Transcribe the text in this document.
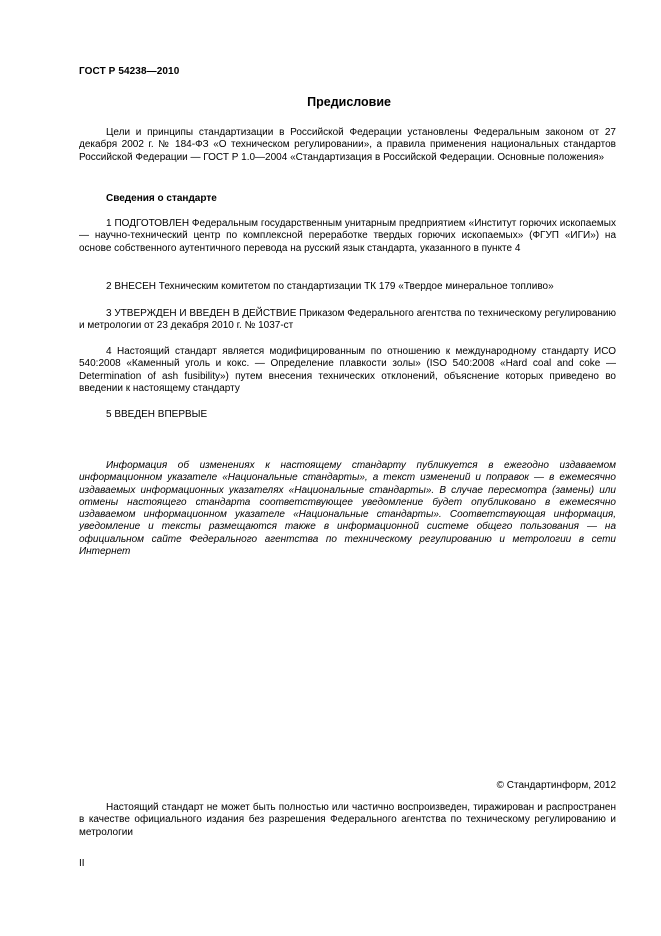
ГОСТ Р 54238—2010
Предисловие

Цели и принципы стандартизации в Российской Федерации установлены Федеральным законом от 27 декабря 2002 г. № 184-ФЗ «О техническом регулировании», а правила применения национальных стандартов Российской Федерации — ГОСТ Р 1.0—2004 «Стандартизация в Российской Федерации. Основные положения»

Сведения о стандарте

1 ПОДГОТОВЛЕН Федеральным государственным унитарным предприятием «Институт горючих ископаемых — научно-технический центр по комплексной переработке твердых горючих ископаемых» (ФГУП «ИГИ») на основе собственного аутентичного перевода на русский язык стандарта, указанного в пункте 4

2 ВНЕСЕН Техническим комитетом по стандартизации ТК 179 «Твердое минеральное топливо»

3 УТВЕРЖДЕН И ВВЕДЕН В ДЕЙСТВИЕ Приказом Федерального агентства по техническому регулированию и метрологии от 23 декабря 2010 г. № 1037-ст

4 Настоящий стандарт является модифицированным по отношению к международному стандарту ИСО 540:2008 «Каменный уголь и кокс. — Определение плавкости золы» (ISO 540:2008 «Hard coal and coke — Determination of ash fusibility») путем внесения технических отклонений, объяснение которых приведено во введении к настоящему стандарту

5 ВВЕДЕН ВПЕРВЫЕ

Информация об изменениях к настоящему стандарту публикуется в ежегодно издаваемом информационном указателе «Национальные стандарты», а текст изменений и поправок — в ежемесячно издаваемых информационных указателях «Национальные стандарты». В случае пересмотра (замены) или отмены настоящего стандарта соответствующее уведомление будет опубликовано в ежемесячно издаваемом информационном указателе «Национальные стандарты». Соответствующая информация, уведомление и тексты размещаются также в информационной системе общего пользования — на официальном сайте Федерального агентства по техническому регулированию и метрологии в сети Интернет

© Стандартинформ, 2012

Настоящий стандарт не может быть полностью или частично воспроизведен, тиражирован и распространен в качестве официального издания без разрешения Федерального агентства по техническому регулированию и метрологии

II
